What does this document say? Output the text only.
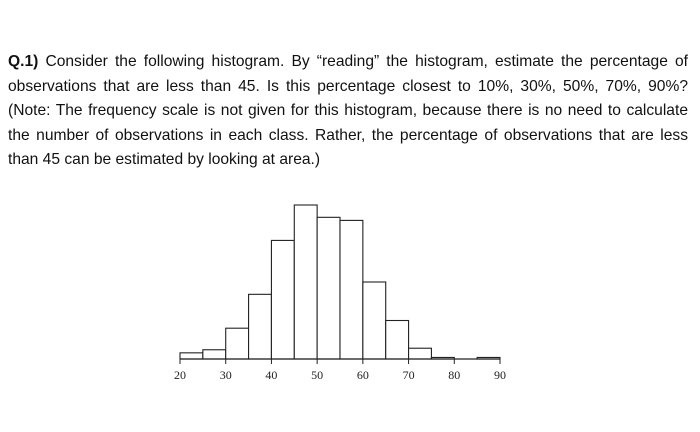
Q.1) Consider the following histogram. By “reading” the histogram, estimate the percentage of observations that are less than 45. Is this percentage closest to 10%, 30%, 50%, 70%, 90%? (Note: The frequency scale is not given for this histogram, because there is no need to calculate the number of observations in each class. Rather, the percentage of observations that are less than 45 can be estimated by looking at area.)

20	30	40	50	60	70	80	90
